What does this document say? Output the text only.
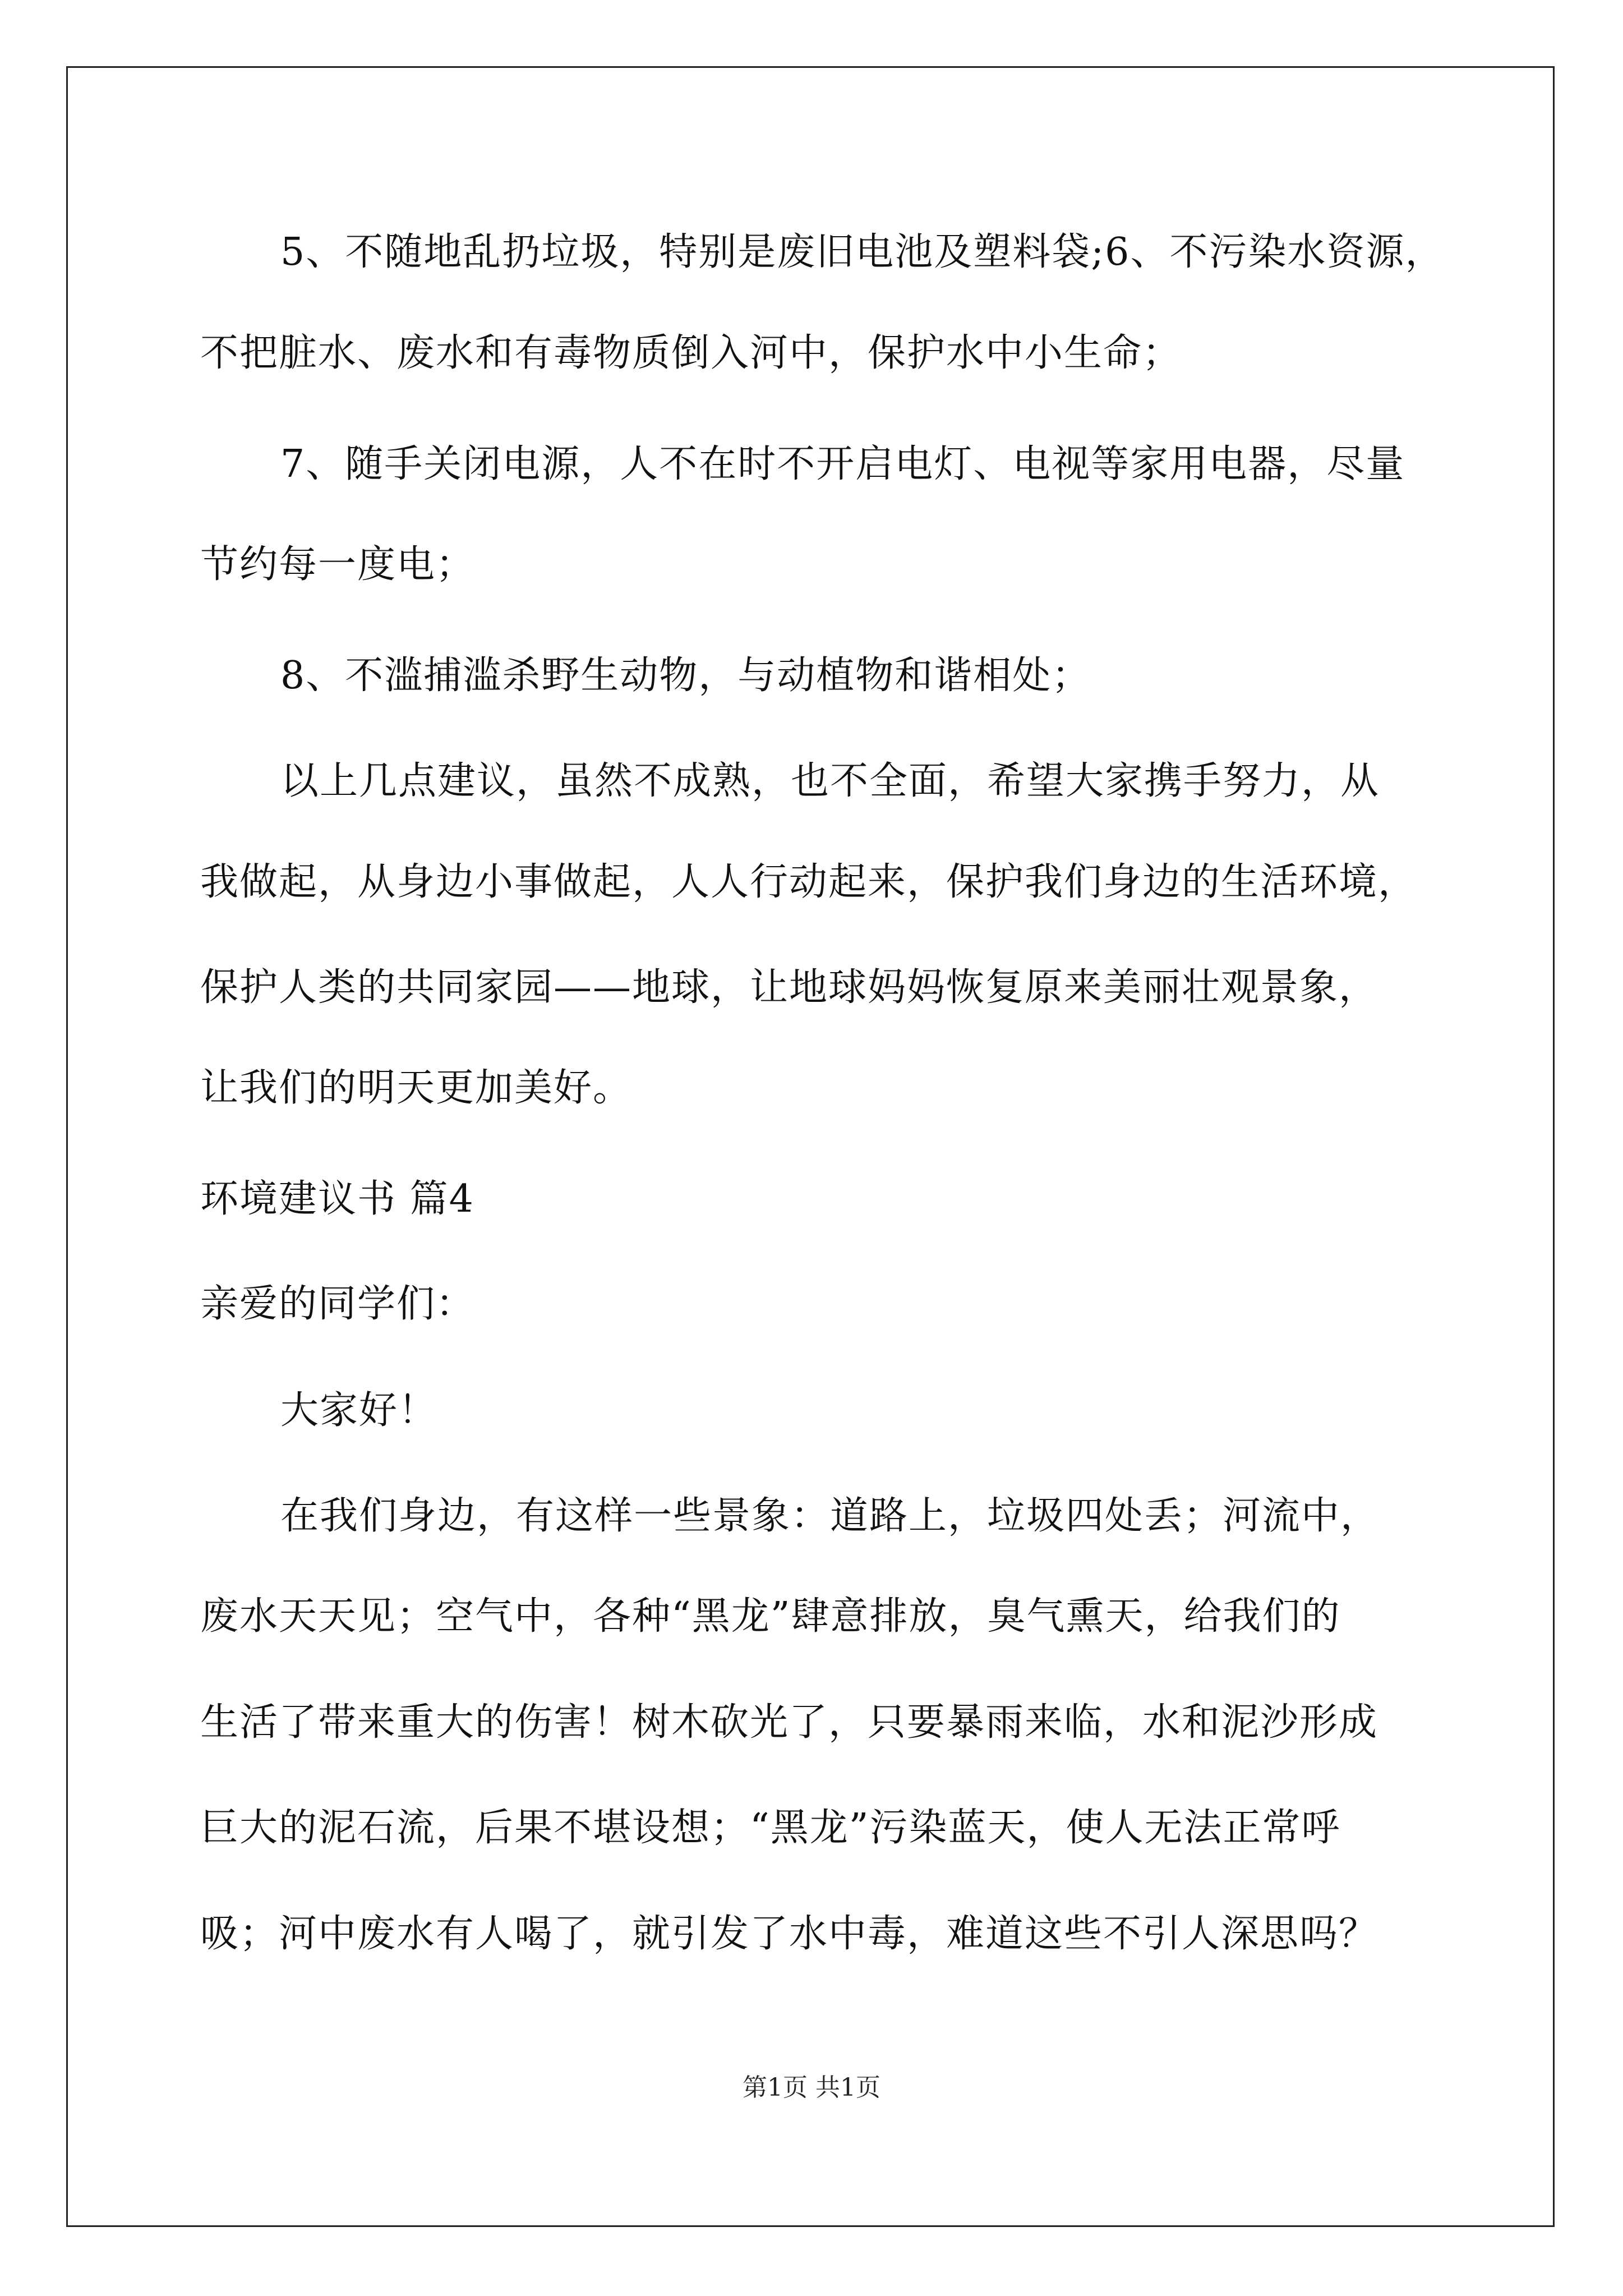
5、不随地乱扔垃圾，特别是废旧电池及塑料袋;6、不污染水资源，
不把脏水、废水和有毒物质倒入河中，保护水中小生命；
7、随手关闭电源，人不在时不开启电灯、电视等家用电器，尽量
节约每一度电；
8、不滥捕滥杀野生动物，与动植物和谐相处；
以上几点建议，虽然不成熟，也不全面，希望大家携手努力，从
我做起，从身边小事做起，人人行动起来，保护我们身边的生活环境，
保护人类的共同家园——地球，让地球妈妈恢复原来美丽壮观景象，
让我们的明天更加美好。
环境建议书 篇4
亲爱的同学们：
大家好！
在我们身边，有这样一些景象：道路上，垃圾四处丢；河流中，
废水天天见；空气中，各种“黑龙”肆意排放，臭气熏天，给我们的
生活了带来重大的伤害！树木砍光了，只要暴雨来临，水和泥沙形成
巨大的泥石流，后果不堪设想；“黑龙”污染蓝天，使人无法正常呼
吸；河中废水有人喝了，就引发了水中毒，难道这些不引人深思吗？
第1页 共1页
